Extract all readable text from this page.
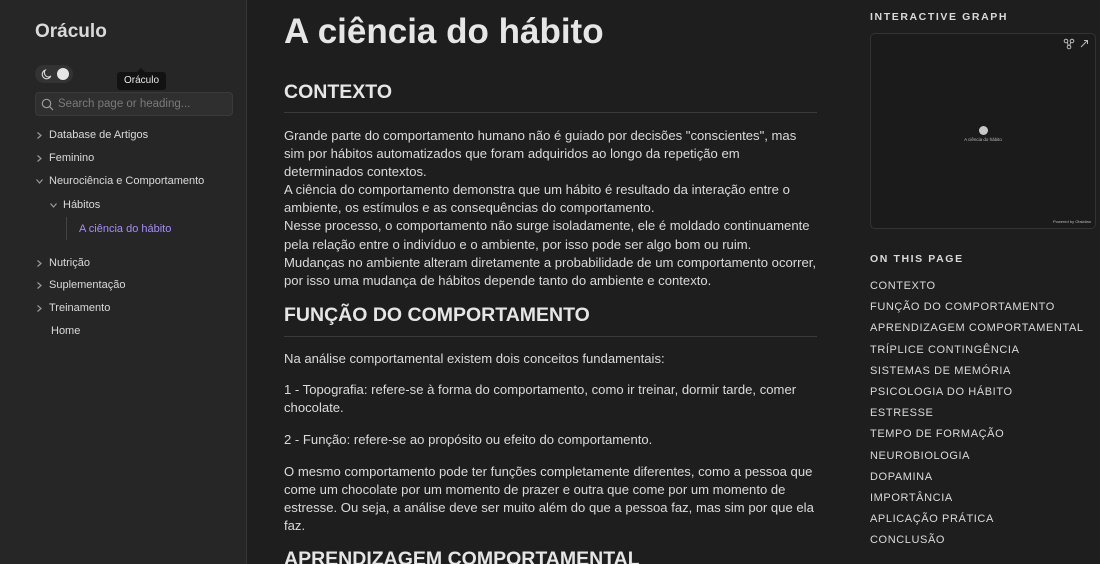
Oráculo
Oráculo
Search page or heading...
Database de Artigos
Feminino
Neurociência e Comportamento
Hábitos
A ciência do hábito
Nutrição
Suplementação
Treinamento
Home
A ciência do hábito
CONTEXTO
Grande parte do comportamento humano não é guiado por decisões "conscientes", mas sim por hábitos automatizados que foram adquiridos ao longo da repetição em determinados contextos.
A ciência do comportamento demonstra que um hábito é resultado da interação entre o ambiente, os estímulos e as consequências do comportamento.
Nesse processo, o comportamento não surge isoladamente, ele é moldado continuamente pela relação entre o indivíduo e o ambiente, por isso pode ser algo bom ou ruim.
Mudanças no ambiente alteram diretamente a probabilidade de um comportamento ocorrer, por isso uma mudança de hábitos depende tanto do ambiente e contexto.
FUNÇÃO DO COMPORTAMENTO
Na análise comportamental existem dois conceitos fundamentais:
1 - Topografia: refere-se à forma do comportamento, como ir treinar, dormir tarde, comer chocolate.
2 - Função: refere-se ao propósito ou efeito do comportamento.
O mesmo comportamento pode ter funções completamente diferentes, como a pessoa que come um chocolate por um momento de prazer e outra que come por um momento de estresse. Ou seja, a análise deve ser muito além do que a pessoa faz, mas sim por que ela faz.
APRENDIZAGEM COMPORTAMENTAL
INTERACTIVE GRAPH
A ciência do hábito
Powered by Obsidian
ON THIS PAGE
CONTEXTO
FUNÇÃO DO COMPORTAMENTO
APRENDIZAGEM COMPORTAMENTAL
TRÍPLICE CONTINGÊNCIA
SISTEMAS DE MEMÓRIA
PSICOLOGIA DO HÁBITO
ESTRESSE
TEMPO DE FORMAÇÃO
NEUROBIOLOGIA
DOPAMINA
IMPORTÂNCIA
APLICAÇÃO PRÁTICA
CONCLUSÃO
